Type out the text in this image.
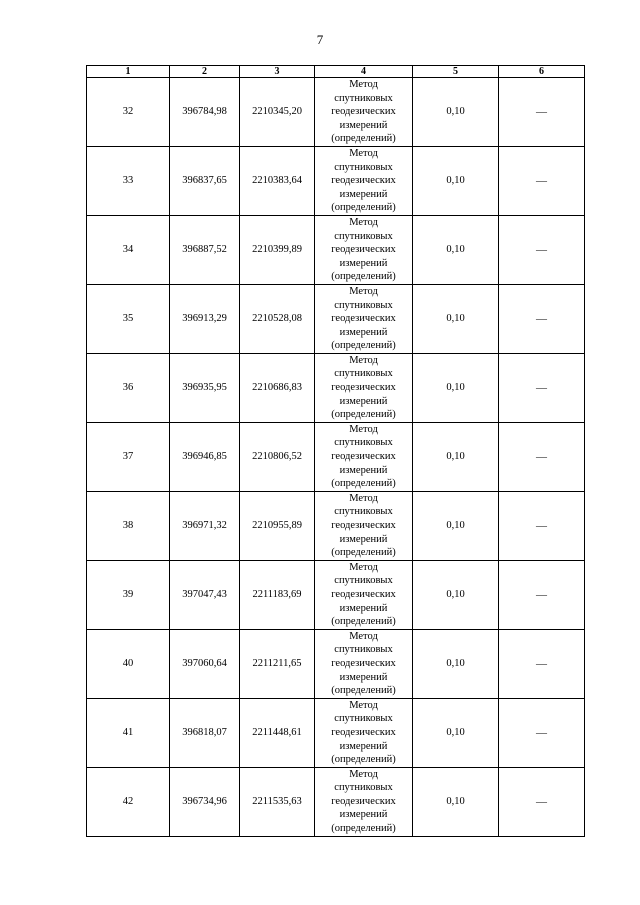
7
1	2	3	4	5	6
32	396784,98	2210345,20	Метод
спутниковых
геодезических
измерений
(определений)	0,10	—
33	396837,65	2210383,64	Метод
спутниковых
геодезических
измерений
(определений)	0,10	—
34	396887,52	2210399,89	Метод
спутниковых
геодезических
измерений
(определений)	0,10	—
35	396913,29	2210528,08	Метод
спутниковых
геодезических
измерений
(определений)	0,10	—
36	396935,95	2210686,83	Метод
спутниковых
геодезических
измерений
(определений)	0,10	—
37	396946,85	2210806,52	Метод
спутниковых
геодезических
измерений
(определений)	0,10	—
38	396971,32	2210955,89	Метод
спутниковых
геодезических
измерений
(определений)	0,10	—
39	397047,43	2211183,69	Метод
спутниковых
геодезических
измерений
(определений)	0,10	—
40	397060,64	2211211,65	Метод
спутниковых
геодезических
измерений
(определений)	0,10	—
41	396818,07	2211448,61	Метод
спутниковых
геодезических
измерений
(определений)	0,10	—
42	396734,96	2211535,63	Метод
спутниковых
геодезических
измерений
(определений)	0,10	—
